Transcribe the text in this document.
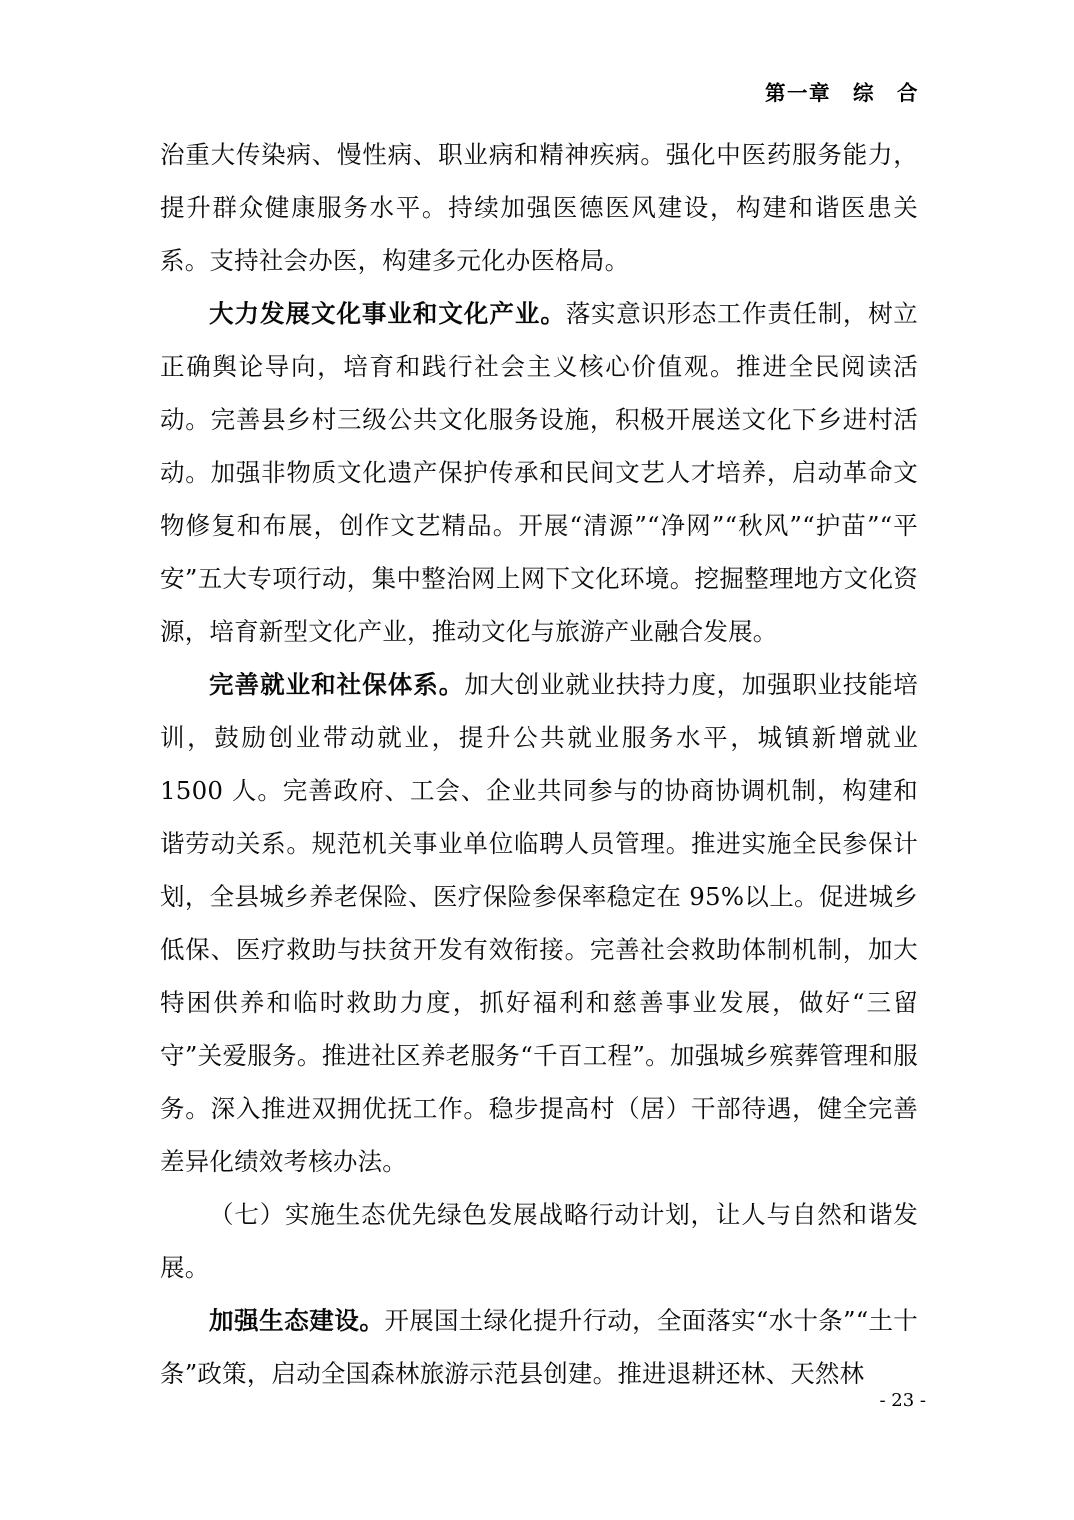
第一章　综　合

治重大传染病、慢性病、职业病和精神疾病。强化中医药服务能力，提升群众健康服务水平。持续加强医德医风建设，构建和谐医患关系。支持社会办医，构建多元化办医格局。

大力发展文化事业和文化产业。落实意识形态工作责任制，树立正确舆论导向，培育和践行社会主义核心价值观。推进全民阅读活动。完善县乡村三级公共文化服务设施，积极开展送文化下乡进村活动。加强非物质文化遗产保护传承和民间文艺人才培养，启动革命文物修复和布展，创作文艺精品。开展“清源”“净网”“秋风”“护苗”“平安”五大专项行动，集中整治网上网下文化环境。挖掘整理地方文化资源，培育新型文化产业，推动文化与旅游产业融合发展。

完善就业和社保体系。加大创业就业扶持力度，加强职业技能培训，鼓励创业带动就业，提升公共就业服务水平，城镇新增就业 1500 人。完善政府、工会、企业共同参与的协商协调机制，构建和谐劳动关系。规范机关事业单位临聘人员管理。推进实施全民参保计划，全县城乡养老保险、医疗保险参保率稳定在 95%以上。促进城乡低保、医疗救助与扶贫开发有效衔接。完善社会救助体制机制，加大特困供养和临时救助力度，抓好福利和慈善事业发展，做好“三留守”关爱服务。推进社区养老服务“千百工程”。加强城乡殡葬管理和服务。深入推进双拥优抚工作。稳步提高村（居）干部待遇，健全完善差异化绩效考核办法。

（七）实施生态优先绿色发展战略行动计划，让人与自然和谐发展。

加强生态建设。开展国土绿化提升行动，全面落实“水十条”“土十条”政策，启动全国森林旅游示范县创建。推进退耕还林、天然林

- 23 -
